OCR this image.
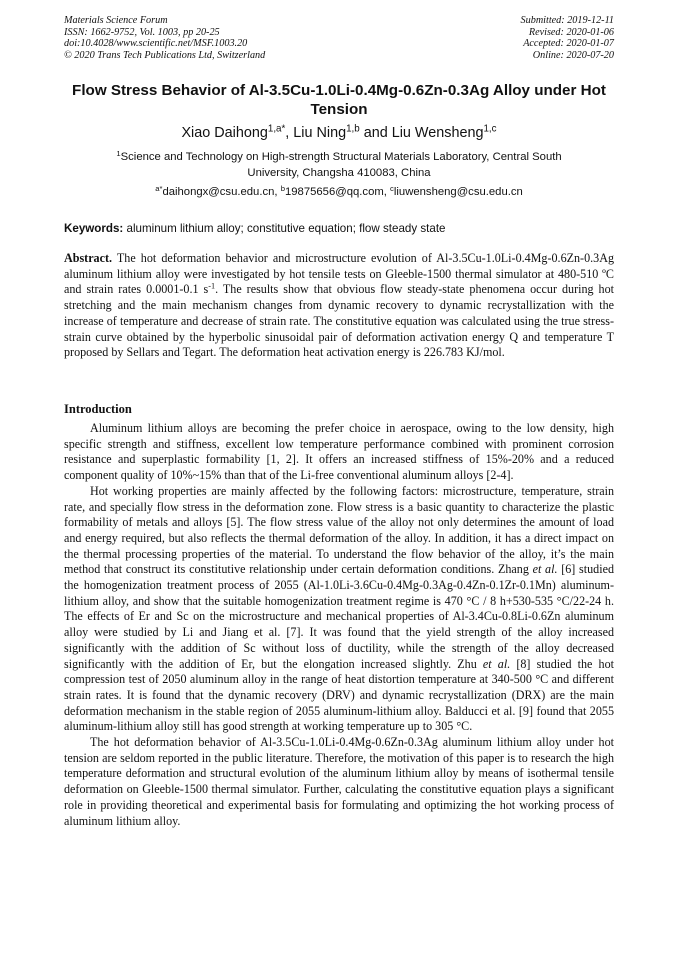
Materials Science Forum
ISSN: 1662-9752, Vol. 1003, pp 20-25
doi:10.4028/www.scientific.net/MSF.1003.20
© 2020 Trans Tech Publications Ltd, Switzerland
Submitted: 2019-12-11
Revised: 2020-01-06
Accepted: 2020-01-07
Online: 2020-07-20
Flow Stress Behavior of Al-3.5Cu-1.0Li-0.4Mg-0.6Zn-0.3Ag Alloy under Hot Tension
Xiao Daihong$^{1,a*}$, Liu Ning$^{1,b}$ and Liu Wensheng$^{1,c}$
$^1$Science and Technology on High-strength Structural Materials Laboratory, Central South University, Changsha 410083, China
$^{a*}$daihongx@csu.edu.cn, $^b$19875656@qq.com, $^c$liuwensheng@csu.edu.cn
Keywords: aluminum lithium alloy; constitutive equation; flow steady state
Abstract. The hot deformation behavior and microstructure evolution of Al-3.5Cu-1.0Li-0.4Mg-0.6Zn-0.3Ag aluminum lithium alloy were investigated by hot tensile tests on Gleeble-1500 thermal simulator at 480-510 ºC and strain rates 0.0001-0.1 $s^{-1}$. The results show that obvious flow steady-state phenomena occur during hot stretching and the main mechanism changes from dynamic recovery to dynamic recrystallization with the increase of temperature and decrease of strain rate. The constitutive equation was calculated using the true stress-strain curve obtained by the hyperbolic sinusoidal pair of deformation activation energy Q and temperature T proposed by Sellars and Tegart. The deformation heat activation energy is 226.783 KJ/mol.
Introduction

Aluminum lithium alloys are becoming the prefer choice in aerospace, owing to the low density, high specific strength and stiffness, excellent low temperature performance combined with prominent corrosion resistance and superplastic formability [1, 2]. It offers an increased stiffness of 15%-20% and a reduced component quality of 10%~15% than that of the Li-free conventional aluminum alloys [2-4].

Hot working properties are mainly affected by the following factors: microstructure, temperature, strain rate, and specially flow stress in the deformation zone. Flow stress is a basic quantity to characterize the plastic formability of metals and alloys [5]. The flow stress value of the alloy not only determines the amount of load and energy required, but also reflects the thermal deformation of the alloy. In addition, it has a direct impact on the thermal processing properties of the material. To understand the flow behavior of the alloy, it’s the main method that construct its constitutive relationship under certain deformation conditions. Zhang et al. [6] studied the homogenization treatment process of 2055 (Al-1.0Li-3.6Cu-0.4Mg-0.3Ag-0.4Zn-0.1Zr-0.1Mn) aluminum-lithium alloy, and show that the suitable homogenization treatment regime is 470 °C / 8 h+530-535 °C/22-24 h. The effects of Er and Sc on the microstructure and mechanical properties of Al-3.4Cu-0.8Li-0.6Zn aluminum alloy were studied by Li and Jiang et al. [7]. It was found that the yield strength of the alloy increased significantly with the addition of Sc without loss of ductility, while the strength of the alloy decreased significantly with the addition of Er, but the elongation increased slightly. Zhu et al. [8] studied the hot compression test of 2050 aluminum alloy in the range of heat distortion temperature at 340-500 °C and different strain rates. It is found that the dynamic recovery (DRV) and dynamic recrystallization (DRX) are the main deformation mechanism in the stable region of 2055 aluminum-lithium alloy. Balducci et al. [9] found that 2055 aluminum-lithium alloy still has good strength at working temperature up to 305 °C.

The hot deformation behavior of Al-3.5Cu-1.0Li-0.4Mg-0.6Zn-0.3Ag aluminum lithium alloy under hot tension are seldom reported in the public literature. Therefore, the motivation of this paper is to research the high temperature deformation and structural evolution of the aluminum lithium alloy by means of isothermal tensile deformation on Gleeble-1500 thermal simulator. Further, calculating the constitutive equation plays a significant role in providing theoretical and experimental basis for formulating and optimizing the hot working process of aluminum lithium alloy.
